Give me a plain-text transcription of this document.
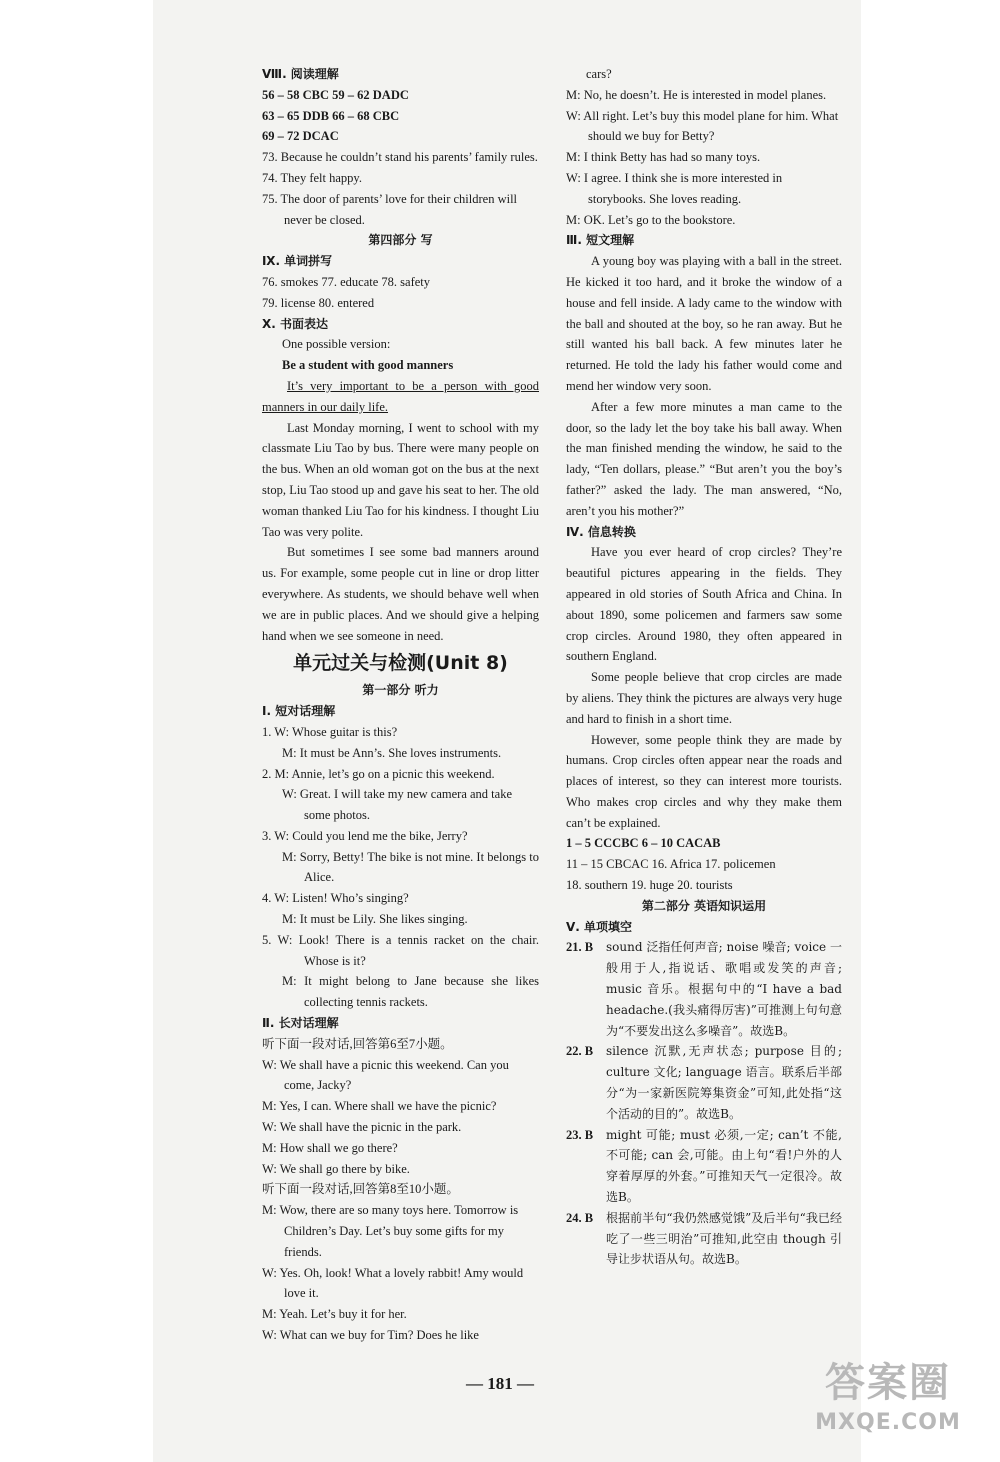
Ⅷ. 阅读理解
56 – 58 CBC 59 – 62 DADC
63 – 65 DDB 66 – 68 CBC
69 – 72 DCAC

73. Because he couldn’t stand his parents’ family rules.

74. They felt happy.

75. The door of parents’ love for their children will never be closed.

第四部分 写
Ⅸ. 单词拼写
76. smokes 77. educate 78. safety
79. license 80. entered
Ⅹ. 书面表达
One possible version:
Be a student with good manners

It’s very important to be a person with good manners in our daily life.

Last Monday morning, I went to school with my classmate Liu Tao by bus. There were many people on the bus. When an old woman got on the bus at the next stop, Liu Tao stood up and gave his seat to her. The old woman thanked Liu Tao for his kindness. I thought Liu Tao was very polite.

But sometimes I see some bad manners around us. For example, some people cut in line or drop litter everywhere. As students, we should behave well when we are in public places. And we should give a helping hand when we see someone in need.

单元过关与检测(Unit 8)
第一部分 听力
Ⅰ. 短对话理解
1. W: Whose guitar is this?
M: It must be Ann’s. She loves instruments.
2. M: Annie, let’s go on a picnic this weekend.

W: Great. I will take my new camera and take some photos.

3. W: Could you lend me the bike, Jerry?

M: Sorry, Betty! The bike is not mine. It belongs to Alice.

4. W: Listen! Who’s singing?
M: It must be Lily. She likes singing.

5. W: Look! There is a tennis racket on the chair. Whose is it?

M: It might belong to Jane because she likes collecting tennis rackets.

Ⅱ. 长对话理解
听下面一段对话,回答第6至7小题。

W: We shall have a picnic this weekend. Can you come, Jacky?

M: Yes, I can. Where shall we have the picnic?
W: We shall have the picnic in the park.
M: How shall we go there?
W: We shall go there by bike.
听下面一段对话,回答第8至10小题。

M: Wow, there are so many toys here. Tomorrow is Children’s Day. Let’s buy some gifts for my friends.

W: Yes. Oh, look! What a lovely rabbit! Amy would love it.

M: Yeah. Let’s buy it for her.
W: What can we buy for Tim? Does he like
cars?

M: No, he doesn’t. He is interested in model planes.

W: All right. Let’s buy this model plane for him. What should we buy for Betty?

M: I think Betty has had so many toys.

W: I agree. I think she is more interested in storybooks. She loves reading.

M: OK. Let’s go to the bookstore.
Ⅲ. 短文理解

A young boy was playing with a ball in the street. He kicked it too hard, and it broke the window of a house and fell inside. A lady came to the window with the ball and shouted at the boy, so he ran away. But he still wanted his ball back. A few minutes later he returned. He told the lady his father would come and mend her window very soon.

After a few more minutes a man came to the door, so the lady let the boy take his ball away. When the man finished mending the window, he said to the lady, “Ten dollars, please.” “But aren’t you the boy’s father?” asked the lady. The man answered, “No, aren’t you his mother?”

Ⅳ. 信息转换

Have you ever heard of crop circles? They’re beautiful pictures appearing in the fields. They appeared in old stories of South Africa and China. In about 1890, some policemen and farmers saw some crop circles. Around 1980, they often appeared in southern England.

Some people believe that crop circles are made by aliens. They think the pictures are always very huge and hard to finish in a short time.

However, some people think they are made by humans. Crop circles often appear near the roads and places of interest, so they can interest more tourists. Who makes crop circles and why they make them can’t be explained.

1 – 5 CCCBC 6 – 10 CACAB
11 – 15 CBCAC 16. Africa 17. policemen
18. southern 19. huge 20. tourists
第二部分 英语知识运用
Ⅴ. 单项填空
21. B	sound 泛指任何声音; noise 噪音; voice 一般用于人,指说话、歌唱或发笑的声音; music 音乐。根据句中的“I have a bad headache.(我头痛得厉害)”可推测上句句意为“不要发出这么多噪音”。故选B。
22. B	silence 沉默,无声状态; purpose 目的; culture 文化; language 语言。联系后半部分“为一家新医院筹集资金”可知,此处指“这个活动的目的”。故选B。
23. B	might 可能; must 必须,一定; can’t 不能,不可能; can 会,可能。由上句“看!户外的人穿着厚厚的外套。”可推知天气一定很冷。故选B。
24. B	根据前半句“我仍然感觉饿”及后半句“我已经吃了一些三明治”可推知,此空由 though 引导让步状语从句。故选B。
— 181 —	答案圈
MXQE.COM
